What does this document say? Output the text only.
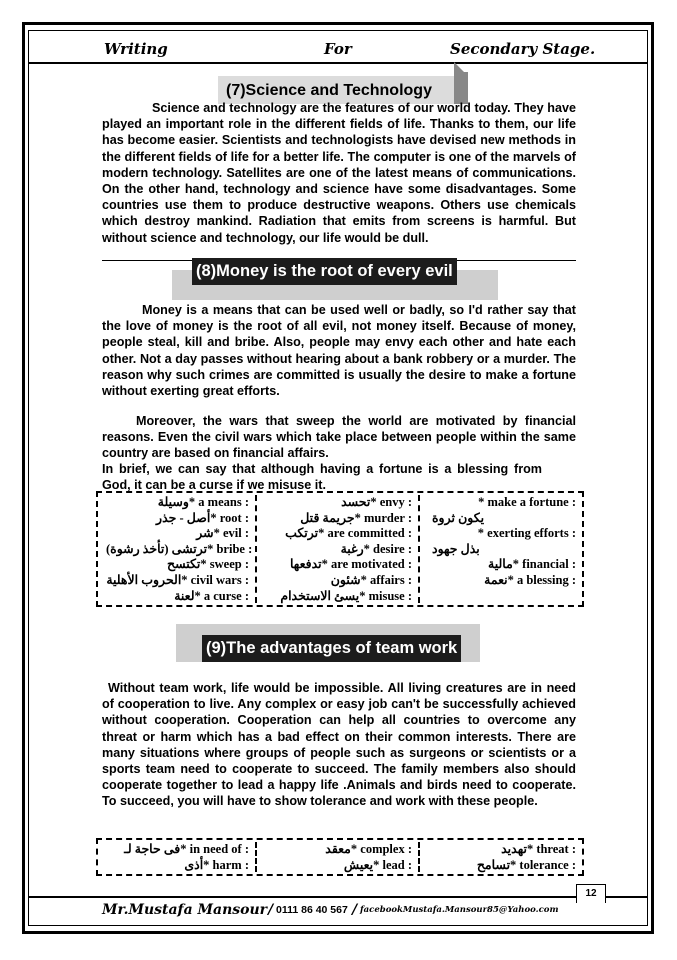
Writing	For	Secondary Stage.
(7)Science and Technology
Science and technology are the features of our world today. They have played an important role in the different fields of life. Thanks to them, our life has become easier. Scientists and technologists have devised new methods in the different fields of life for a better life. The computer is one of the marvels of modern technology. Satellites are one of the latest means of communications. On the other hand, technology and science have some disadvantages. Some countries use them to produce destructive weapons. Others use chemicals which destroy mankind. Radiation that emits from screens is harmful. But without science and technology, our life would be dull.
(8)Money is the root of every evil
Money is a means that can be used well or badly, so I'd rather say that the love of money is the root of all evil, not money itself. Because of money, people steal, kill and bribe. Also, people may envy each other and hate each other. Not a day passes without hearing about a bank robbery or a murder. The reason why such crimes are committed is usually the desire to make a fortune without exerting great efforts.
Moreover, the wars that sweep the world are motivated by financial reasons. Even the civil wars which take place between people within the same country are based on financial affairs.
In brief, we can say that although having a fortune is a blessing from God, it can be a curse if we misuse it.
وسيلة* a means :
أصل - جذر* root :
شر* evil :
ترتشى (تأخذ رشوة)* bribe :
تكتسح* sweep :
الحروب الأهلية* civil wars :
لعنة* a curse :
تحسد* envy :
جريمة قتل* murder :
ترتكب* are committed :
رغبة* desire :
تدفعها* are motivated :
شئون* affairs :
يسئ الاستخدام* misuse :
* make a fortune :
يكون ثروة
* exerting efforts :
بذل جهود
مالية* financial :
نعمة* a blessing :
(9)The advantages of team work
Without team work, life would be impossible. All living creatures are in need of cooperation to live. Any complex or easy job can't be successfully achieved without cooperation. Cooperation can help all countries to overcome any threat or harm which has a bad effect on their common interests. There are many situations where groups of people such as surgeons or scientists or a sports team need to cooperate to succeed. The family members also should cooperate together to lead a happy life .Animals and birds need to cooperate. To succeed, you will have to show tolerance and work with these people.
فى حاجة لـ* in need of :
أذى* harm :
معقد* complex :
يعيش* lead :
تهديد* threat :
تسامح* tolerance :
12
Mr.Mustafa Mansour / 0111 86 40 567 / facebookMustafa.Mansour85@Yahoo.com
